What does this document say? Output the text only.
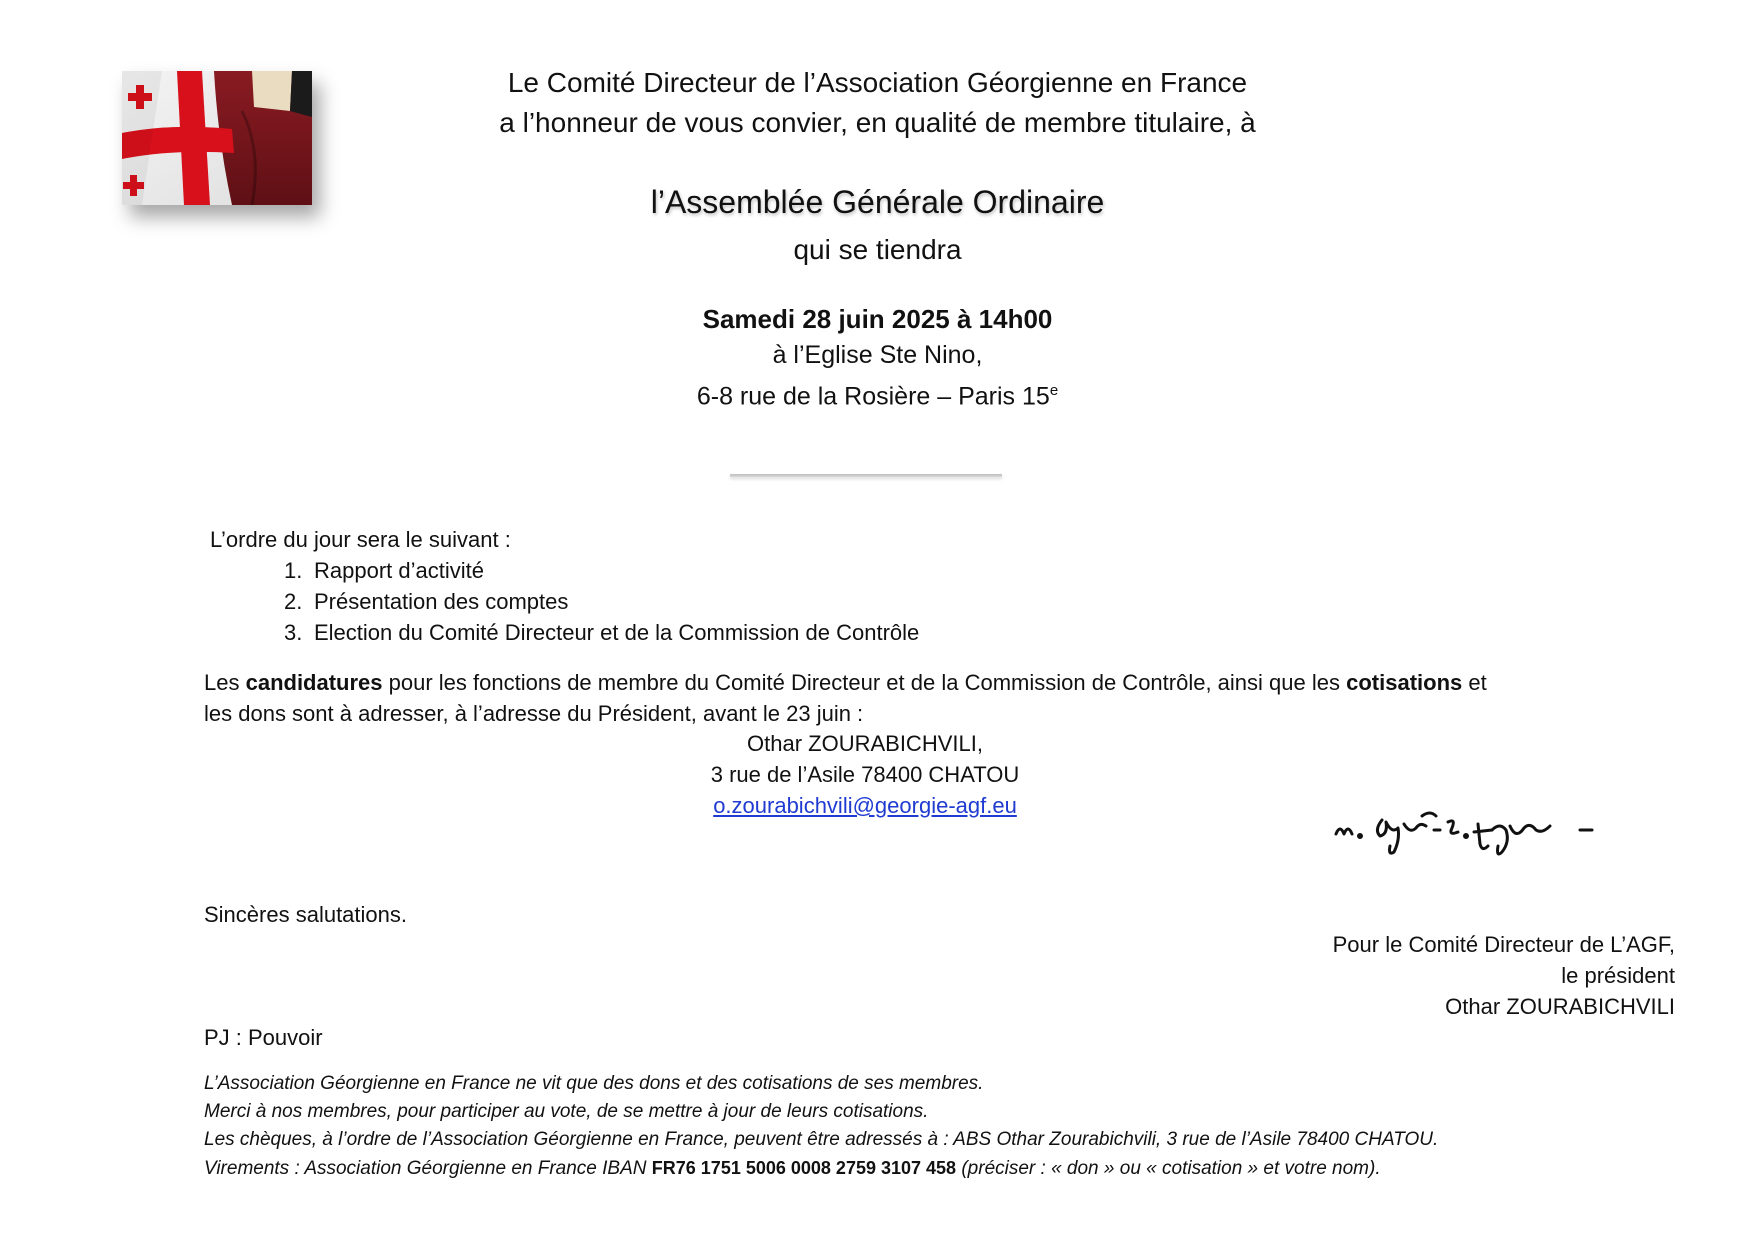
Le Comité Directeur de l’Association Géorgienne en France
a l’honneur de vous convier, en qualité de membre titulaire, à
l’Assemblée Générale Ordinaire
qui se tiendra
Samedi 28 juin 2025 à 14h00
à l’Eglise Ste Nino,
6-8 rue de la Rosière – Paris 15e
L’ordre du jour sera le suivant :
1. Rapport d’activité
2. Présentation des comptes
3. Election du Comité Directeur et de la Commission de Contrôle
Les candidatures pour les fonctions de membre du Comité Directeur et de la Commission de Contrôle, ainsi que les cotisations et
les dons sont à adresser, à l’adresse du Président, avant le 23 juin :
Othar ZOURABICHVILI,
3 rue de l’Asile 78400 CHATOU
o.zourabichvili@georgie-agf.eu
Sincères salutations.
Pour le Comité Directeur de L’AGF,
le président
Othar ZOURABICHVILI
PJ : Pouvoir
L’Association Géorgienne en France ne vit que des dons et des cotisations de ses membres.
Merci à nos membres, pour participer au vote, de se mettre à jour de leurs cotisations.
Les chèques, à l’ordre de l’Association Géorgienne en France, peuvent être adressés à : ABS Othar Zourabichvili, 3 rue de l’Asile 78400 CHATOU.
Virements : Association Géorgienne en France IBAN FR76 1751 5006 0008 2759 3107 458 (préciser : « don » ou « cotisation » et votre nom).
